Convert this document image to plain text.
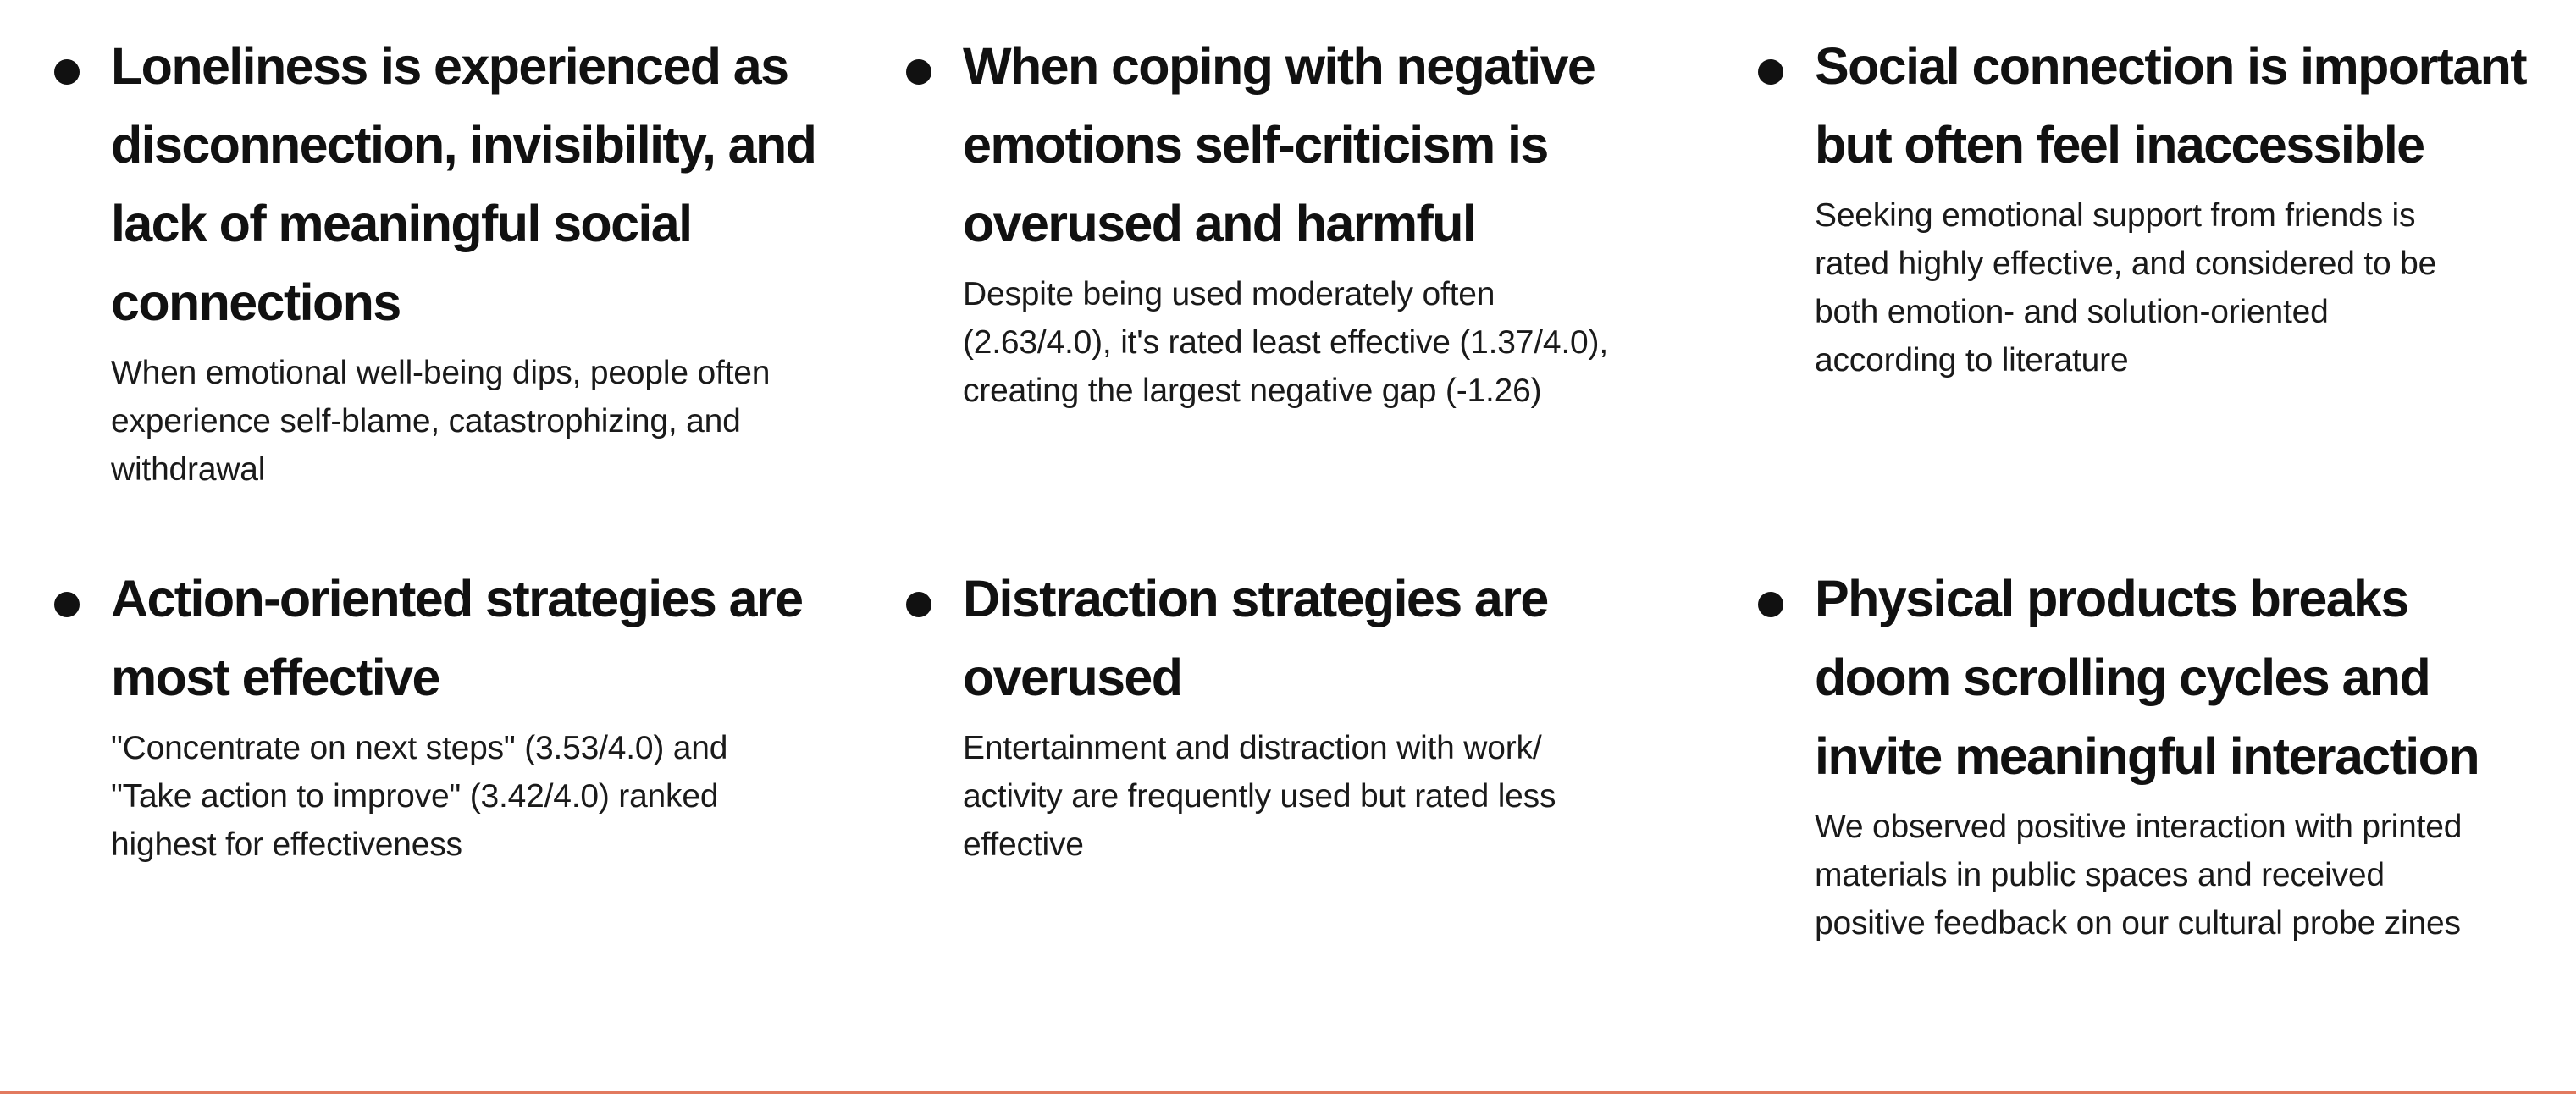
Loneliness is experienced as
disconnection, invisibility, and
lack of meaningful social
connections

When emotional well-being dips, people often
experience self-blame, catastrophizing, and
withdrawal

When coping with negative
emotions self-criticism is
overused and harmful

Despite being used moderately often
(2.63/4.0), it's rated least effective (1.37/4.0),
creating the largest negative gap (-1.26)

Social connection is important
but often feel inaccessible

Seeking emotional support from friends is
rated highly effective, and considered to be
both emotion- and solution-oriented
according to literature

Action-oriented strategies are
most effective

"Concentrate on next steps" (3.53/4.0) and
"Take action to improve" (3.42/4.0) ranked
highest for effectiveness

Distraction strategies are
overused

Entertainment and distraction with work/
activity are frequently used but rated less
effective

Physical products breaks
doom scrolling cycles and
invite meaningful interaction

We observed positive interaction with printed
materials in public spaces and received
positive feedback on our cultural probe zines
